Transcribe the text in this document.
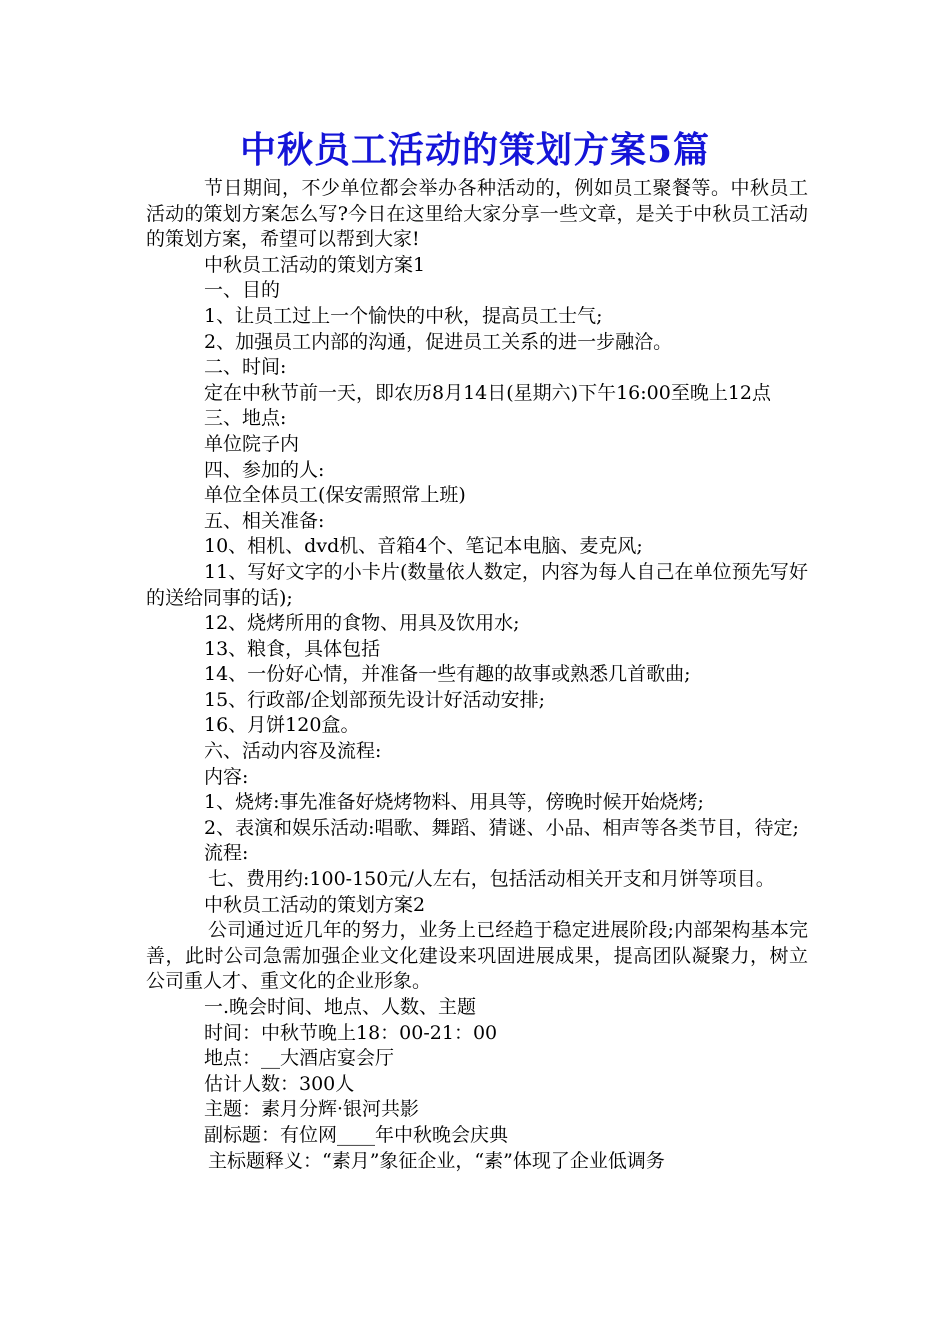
中秋员工活动的策划方案5篇

节日期间，不少单位都会举办各种活动的，例如员工聚餐等。中秋员工活动的策划方案怎么写?今日在这里给大家分享一些文章，是关于中秋员工活动的策划方案，希望可以帮到大家!

中秋员工活动的策划方案1

一、目的

1、让员工过上一个愉快的中秋，提高员工士气;

2、加强员工内部的沟通，促进员工关系的进一步融洽。

二、时间:

定在中秋节前一天，即农历8月14日(星期六)下午16:00至晚上12点

三、地点:

单位院子内

四、参加的人:

单位全体员工(保安需照常上班)

五、相关准备:

10、相机、dvd机、音箱4个、笔记本电脑、麦克风;

11、写好文字的小卡片(数量依人数定，内容为每人自己在单位预先写好的送给同事的话);

12、烧烤所用的食物、用具及饮用水;

13、粮食，具体包括

14、一份好心情，并准备一些有趣的故事或熟悉几首歌曲;

15、行政部/企划部预先设计好活动安排;

16、月饼120盒。

六、活动内容及流程:

内容:

1、烧烤:事先准备好烧烤物料、用具等，傍晚时候开始烧烤;

2、表演和娱乐活动:唱歌、舞蹈、猜谜、小品、相声等各类节目，待定;

流程:

七、费用约:100-150元/人左右，包括活动相关开支和月饼等项目。

中秋员工活动的策划方案2

公司通过近几年的努力，业务上已经趋于稳定进展阶段;内部架构基本完善，此时公司急需加强企业文化建设来巩固进展成果，提高团队凝聚力，树立公司重人才、重文化的企业形象。

一.晚会时间、地点、人数、主题

时间：中秋节晚上18：00-21：00

地点：__大酒店宴会厅

估计人数：300人

主题：素月分辉·银河共影

副标题：有位网____年中秋晚会庆典

主标题释义：“素月”象征企业，“素”体现了企业低调务
